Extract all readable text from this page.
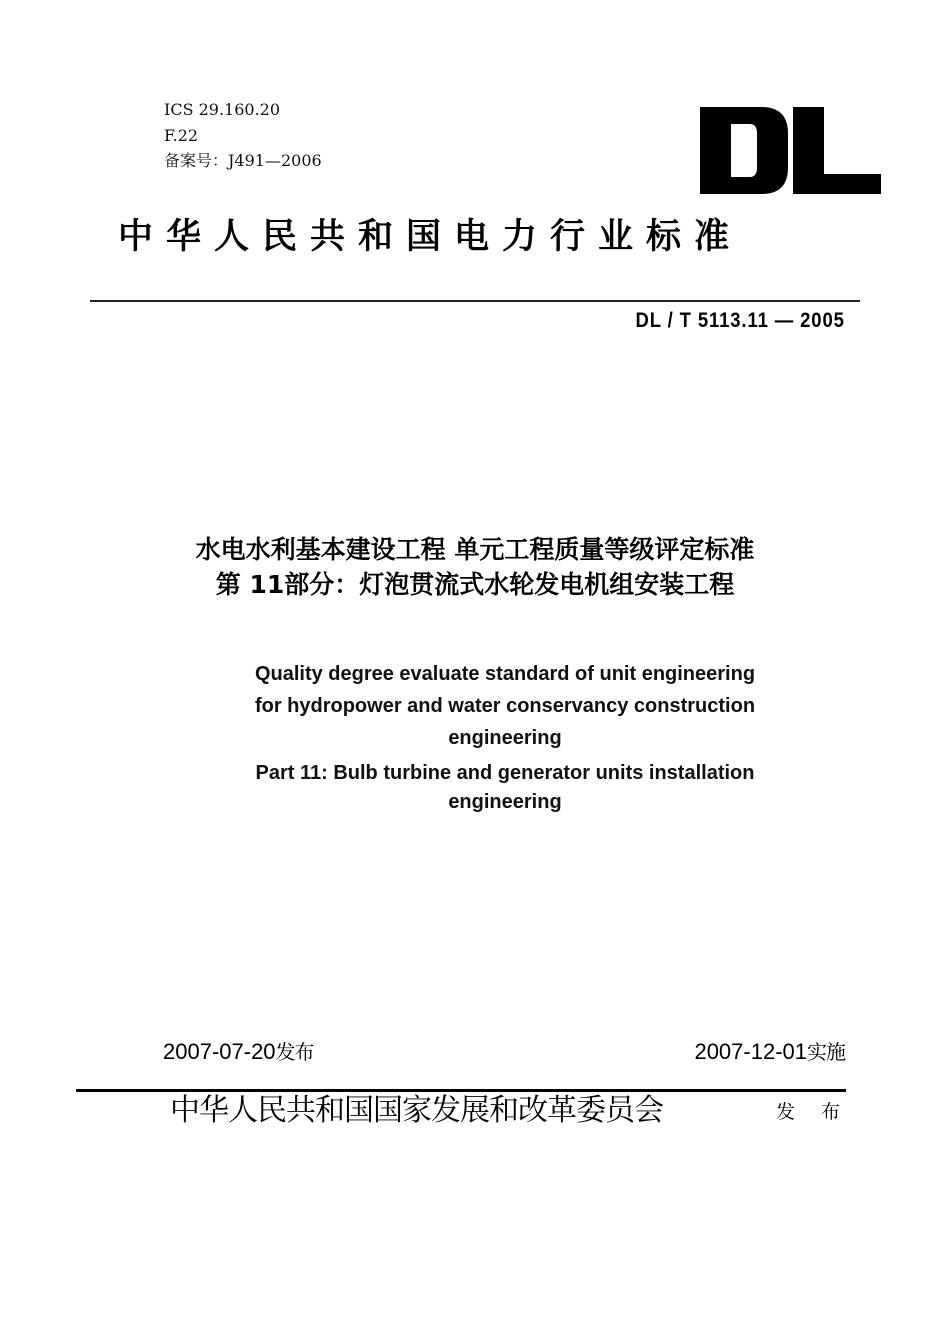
ICS 29.160.20
F.22
备案号：J491—2006
中华人民共和国电力行业标准
DL / T 5113.11 — 2005
水电水利基本建设工程 单元工程质量等级评定标准
第 11部分：灯泡贯流式水轮发电机组安装工程
Quality degree evaluate standard of unit engineering
for hydropower and water conservancy construction
engineering
Part 11: Bulb turbine and generator units installation
engineering
2007-07-20发布	2007-12-01实施
中华人民共和国国家发展和改革委员会	发 布
